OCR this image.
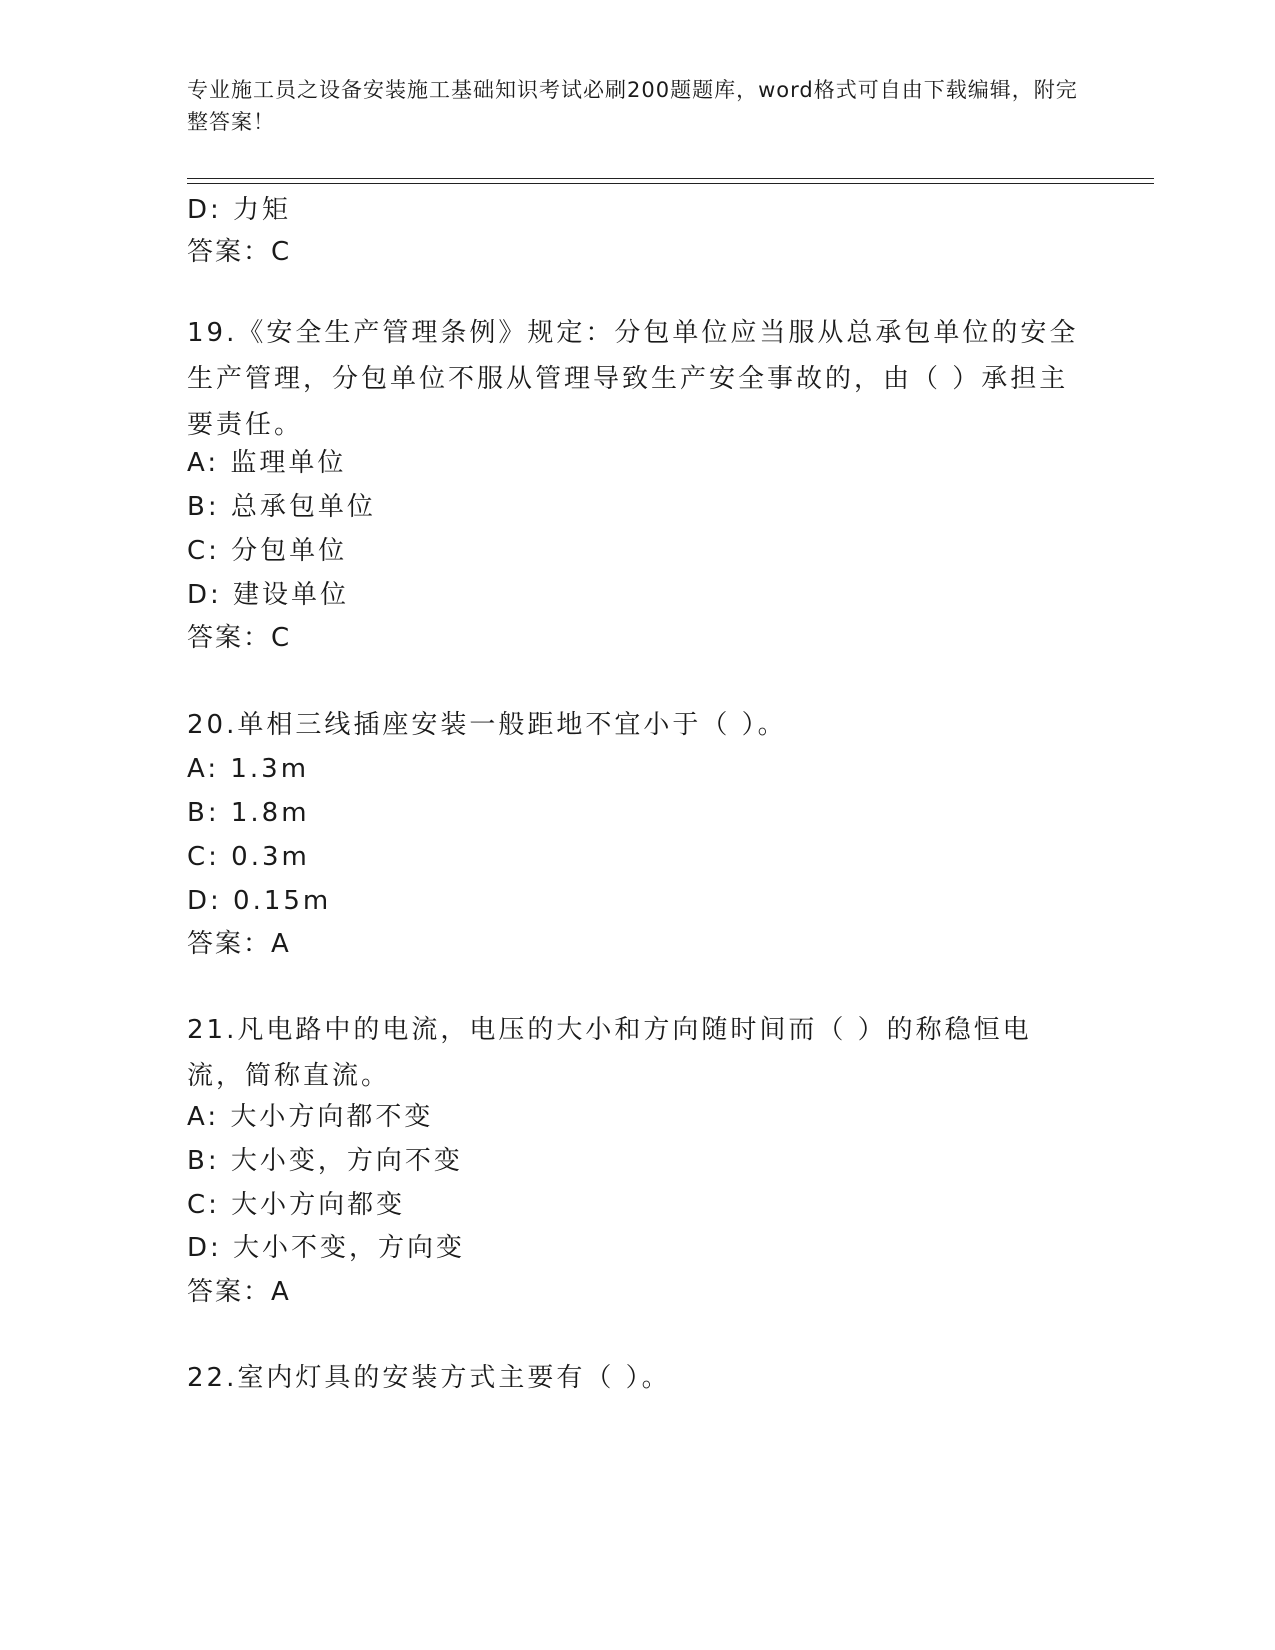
专业施工员之设备安装施工基础知识考试必刷200题题库，word格式可自由下载编辑，附完整答案！
D: 力矩
答案：C
19.《安全生产管理条例》规定：分包单位应当服从总承包单位的安全生产管理，分包单位不服从管理导致生产安全事故的，由（ ）承担主要责任。
A: 监理单位
B: 总承包单位
C: 分包单位
D: 建设单位
答案：C
20.单相三线插座安装一般距地不宜小于（ ）。
A: 1.3m
B: 1.8m
C: 0.3m
D: 0.15m
答案：A
21.凡电路中的电流，电压的大小和方向随时间而（ ）的称稳恒电流，简称直流。
A: 大小方向都不变
B: 大小变，方向不变
C: 大小方向都变
D: 大小不变，方向变
答案：A
22.室内灯具的安装方式主要有（ ）。
